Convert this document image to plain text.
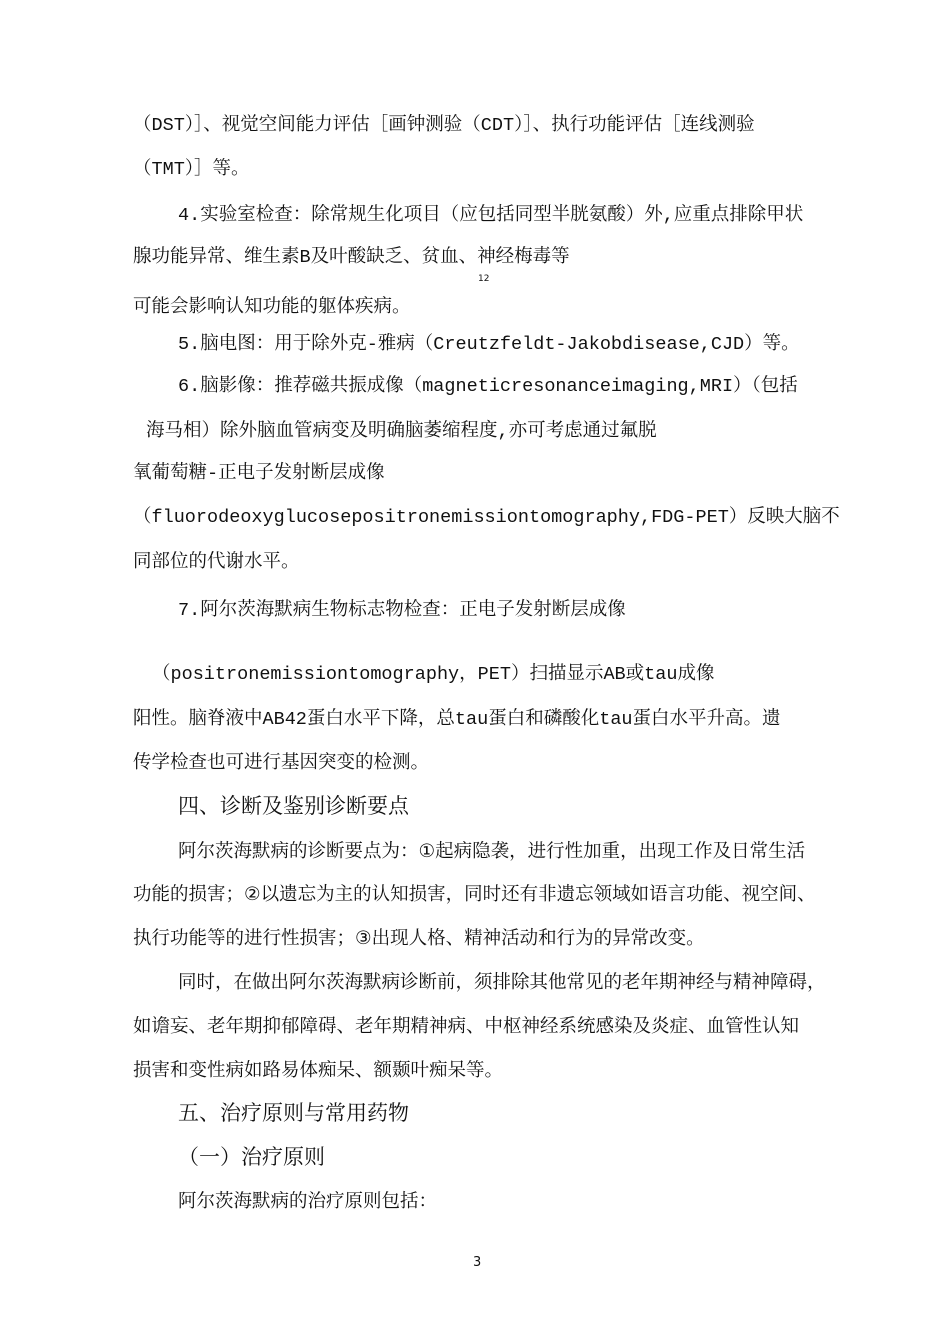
（DST）］、视觉空间能力评估［画钟测验（CDT）］、执行功能评估［连线测验
（TMT）］等。
4.实验室检查：除常规生化项目（应包括同型半胱氨酸）外,应重点排除甲状
腺功能异常、维生素B及叶酸缺乏、贫血、神经梅毒等
12
可能会影响认知功能的躯体疾病。
5.脑电图：用于除外克-雅病（Creutzfeldt-Jakobdisease,CJD）等。
6.脑影像：推荐磁共振成像（magneticresonanceimaging,MRI）（包括
海马相）除外脑血管病变及明确脑萎缩程度,亦可考虑通过氟脱
氧葡萄糖-正电子发射断层成像
（fluorodeoxyglucosepositronemissiontomography,FDG-PET）反映大脑不
同部位的代谢水平。
7.阿尔茨海默病生物标志物检查：正电子发射断层成像
（positronemissiontomography，PET）扫描显示AB或tau成像
阳性。脑脊液中AB42蛋白水平下降，总tau蛋白和磷酸化tau蛋白水平升高。遗
传学检查也可进行基因突变的检测。
四、诊断及鉴别诊断要点
阿尔茨海默病的诊断要点为：①起病隐袭，进行性加重，出现工作及日常生活
功能的损害；②以遗忘为主的认知损害，同时还有非遗忘领域如语言功能、视空间、
执行功能等的进行性损害；③出现人格、精神活动和行为的异常改变。
同时，在做出阿尔茨海默病诊断前，须排除其他常见的老年期神经与精神障碍，
如谵妄、老年期抑郁障碍、老年期精神病、中枢神经系统感染及炎症、血管性认知
损害和变性病如路易体痴呆、额颞叶痴呆等。
五、治疗原则与常用药物
（一）治疗原则
阿尔茨海默病的治疗原则包括：
3
